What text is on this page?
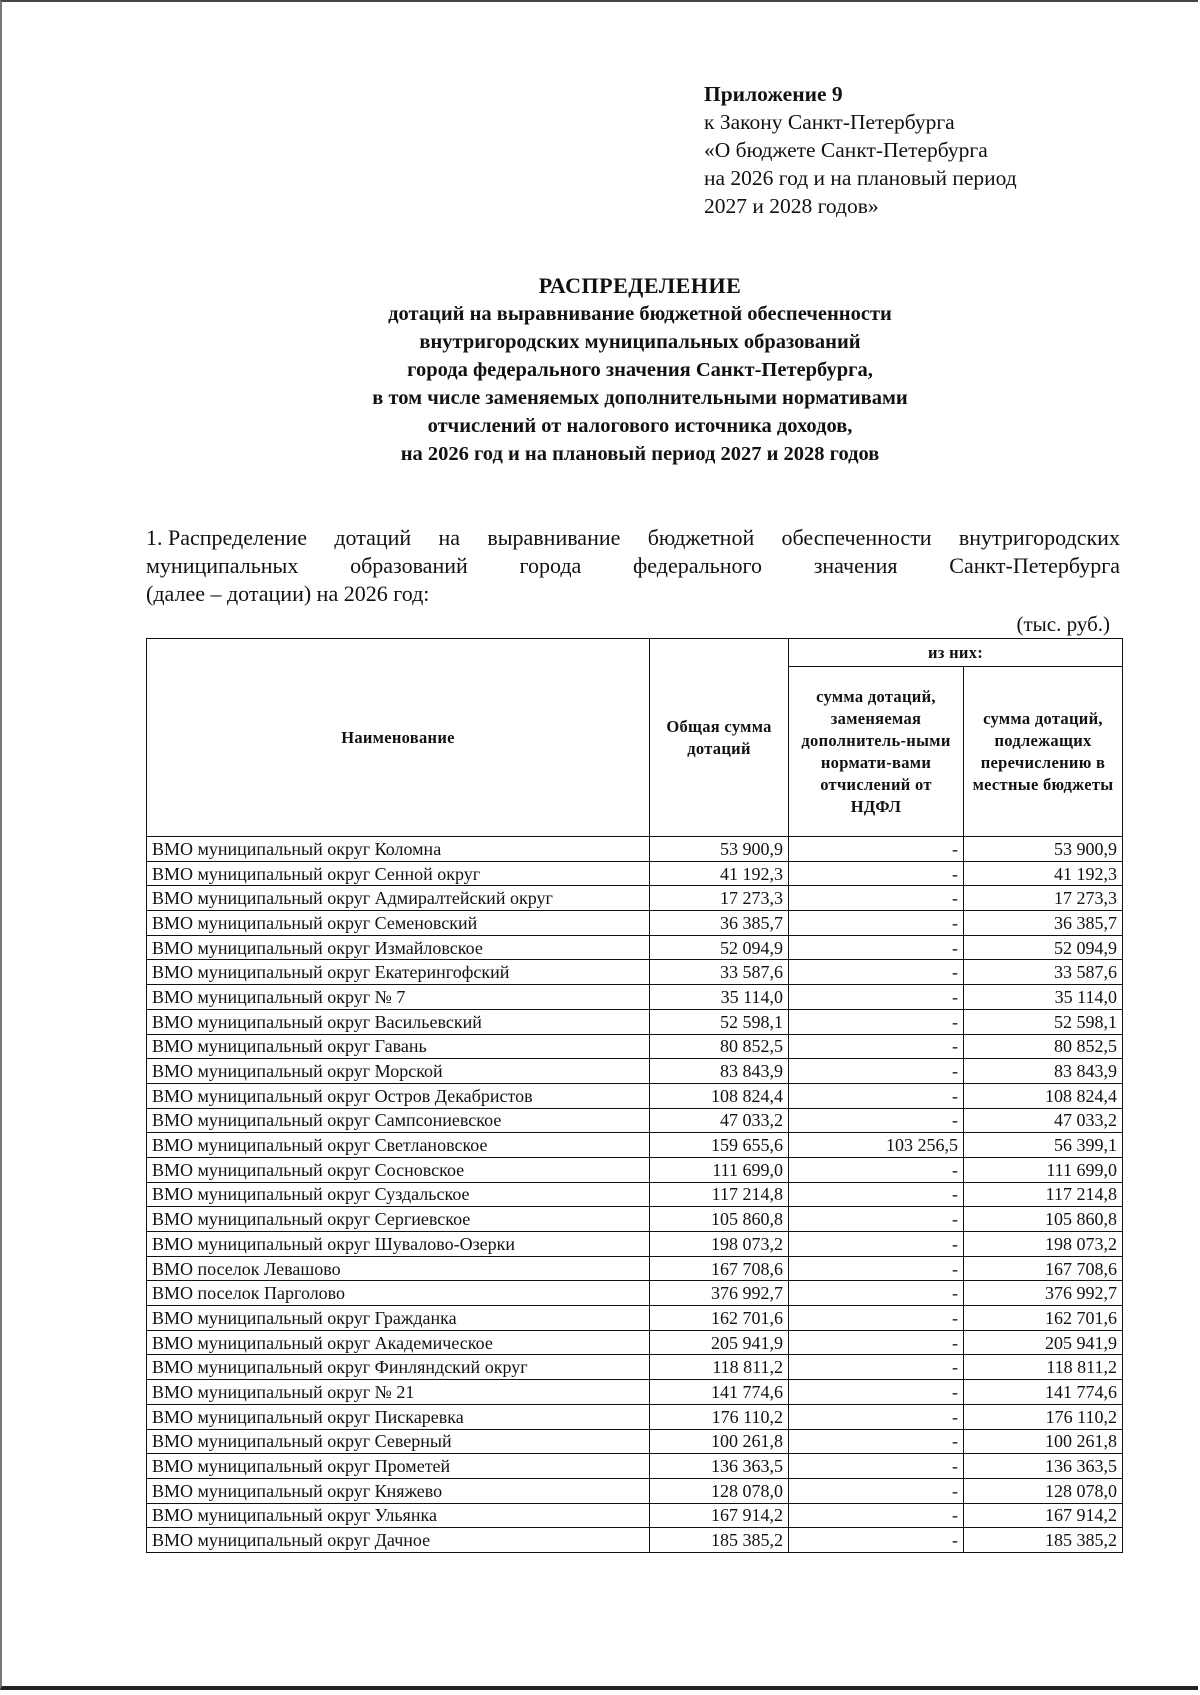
Приложение 9
к Закону Санкт-Петербурга
«О бюджете Санкт-Петербурга
на 2026 год и на плановый период
2027 и 2028 годов»
РАСПРЕДЕЛЕНИЕ
дотаций на выравнивание бюджетной обеспеченности
внутригородских муниципальных образований
города федерального значения Санкт-Петербурга,
в том числе заменяемых дополнительными нормативами
отчислений от налогового источника доходов,
на 2026 год и на плановый период 2027 и 2028 годов
1. Распределение дотаций на выравнивание бюджетной обеспеченности внутригородских
муниципальных образований города федерального значения Санкт-Петербурга
(далее – дотации) на 2026 год:
(тыс. руб.)
Наименование	Общая сумма дотаций	из них:	
		сумма дотаций, заменяемая дополнитель-ными нормати-вами отчислений от НДФЛ	сумма дотаций, подлежащих перечислению в местные бюджеты
ВМО муниципальный округ Коломна	53 900,9	-	53 900,9
ВМО муниципальный округ Сенной округ	41 192,3	-	41 192,3
ВМО муниципальный округ Адмиралтейский округ	17 273,3	-	17 273,3
ВМО муниципальный округ Семеновский	36 385,7	-	36 385,7
ВМО муниципальный округ Измайловское	52 094,9	-	52 094,9
ВМО муниципальный округ Екатерингофский	33 587,6	-	33 587,6
ВМО муниципальный округ № 7	35 114,0	-	35 114,0
ВМО муниципальный округ Васильевский	52 598,1	-	52 598,1
ВМО муниципальный округ Гавань	80 852,5	-	80 852,5
ВМО муниципальный округ Морской	83 843,9	-	83 843,9
ВМО муниципальный округ Остров Декабристов	108 824,4	-	108 824,4
ВМО муниципальный округ Сампсониевское	47 033,2	-	47 033,2
ВМО муниципальный округ Светлановское	159 655,6	103 256,5	56 399,1
ВМО муниципальный округ Сосновское	111 699,0	-	111 699,0
ВМО муниципальный округ Суздальское	117 214,8	-	117 214,8
ВМО муниципальный округ Сергиевское	105 860,8	-	105 860,8
ВМО муниципальный округ Шувалово-Озерки	198 073,2	-	198 073,2
ВМО поселок Левашово	167 708,6	-	167 708,6
ВМО поселок Парголово	376 992,7	-	376 992,7
ВМО муниципальный округ Гражданка	162 701,6	-	162 701,6
ВМО муниципальный округ Академическое	205 941,9	-	205 941,9
ВМО муниципальный округ Финляндский округ	118 811,2	-	118 811,2
ВМО муниципальный округ № 21	141 774,6	-	141 774,6
ВМО муниципальный округ Пискаревка	176 110,2	-	176 110,2
ВМО муниципальный округ Северный	100 261,8	-	100 261,8
ВМО муниципальный округ Прометей	136 363,5	-	136 363,5
ВМО муниципальный округ Княжево	128 078,0	-	128 078,0
ВМО муниципальный округ Ульянка	167 914,2	-	167 914,2
ВМО муниципальный округ Дачное	185 385,2	-	185 385,2
